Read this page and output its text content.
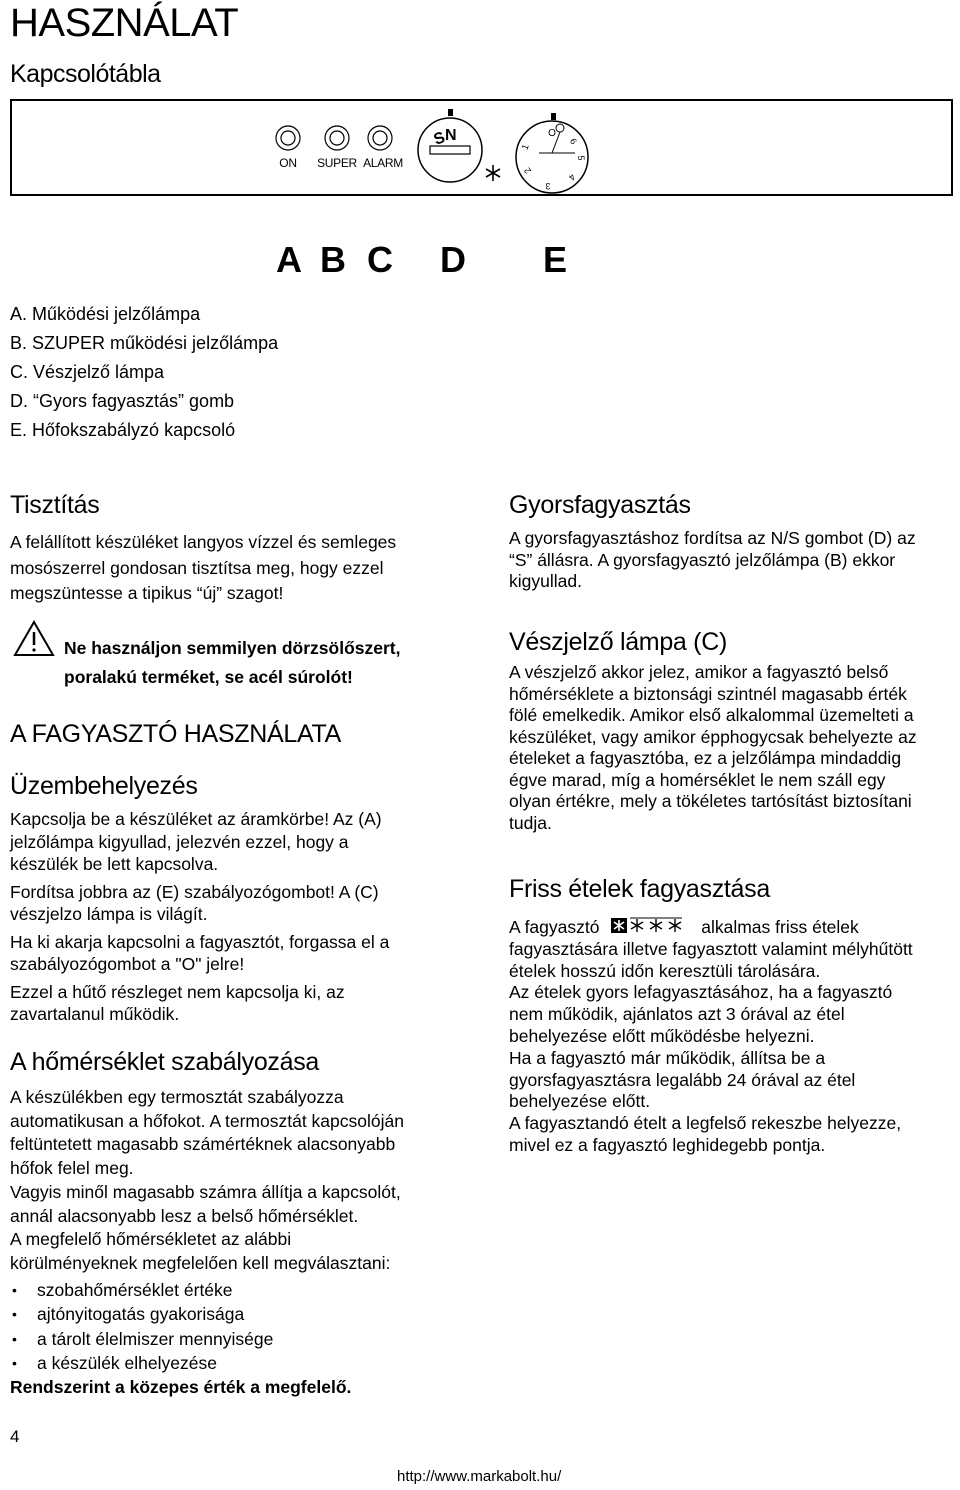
HASZNÁLAT
Kapcsolótábla
ON SUPER ALARM
S
N	O
6
5
4
3
2
1
A B C D E
A. Működési jelzőlámpa
B. SZUPER működési jelzőlámpa
C. Vészjelző lámpa
D. “Gyors fagyasztás” gomb
E. Hőfokszabályzó kapcsoló
Tisztítás
A felállított készüléket langyos vízzel és semleges
mosószerrel gondosan tisztítsa meg, hogy ezzel
megszüntesse a tipikus “új” szagot!
Ne használjon semmilyen dörzsölőszert,
poralakú terméket, se acél súrolót!
A FAGYASZTÓ HASZNÁLATA
Üzembehelyezés
Kapcsolja be a készüléket az áramkörbe! Az (A)
jelzőlámpa kigyullad, jelezvén ezzel, hogy a
készülék be lett kapcsolva.
Fordítsa jobbra az (E) szabályozógombot! A (C)
vészjelzo lámpa is világít.
Ha ki akarja kapcsolni a fagyasztót, forgassa el a
szabályozógombot a "O" jelre!
Ezzel a hűtő részleget nem kapcsolja ki, az
zavartalanul működik.
A hőmérséklet szabályozása
A készülékben egy termosztát szabályozza
automatikusan a hőfokot. A termosztát kapcsolóján
feltüntetett magasabb számértéknek alacsonyabb
hőfok felel meg.
Vagyis minől magasabb számra állítja a kapcsolót,
annál alacsonyabb lesz a belső hőmérséklet.
A megfelelő hőmérsékletet az alábbi
körülményeknek megfelelően kell megválasztani:
• szobahőmérséklet értéke
• ajtónyitogatás gyakorisága
• a tárolt élelmiszer mennyisége
• a készülék elhelyezése
Rendszerint a közepes érték a megfelelő.
Gyorsfagyasztás
A gyorsfagyasztáshoz fordítsa az N/S gombot (D) az
“S” állásra. A gyorsfagyasztó jelzőlámpa (B) ekkor
kigyullad.
Vészjelző lámpa (C)
A vészjelző akkor jelez, amikor a fagyasztó belső
hőmérséklete a biztonsági szintnél magasabb érték
fölé emelkedik. Amikor első alkalommal üzemelteti a
készüléket, vagy amikor épphogycsak behelyezte az
ételeket a fagyasztóba, ez a jelzőlámpa mindaddig
égve marad, míg a homérséklet le nem száll egy
olyan értékre, mely a tökéletes tartósítást biztosítani
tudja.
Friss ételek fagyasztása
A fagyasztó	alkalmas friss ételek
fagyasztására illetve fagyasztott valamint mélyhűtött
ételek hosszú időn keresztüli tárolására.
Az ételek gyors lefagyasztásához, ha a fagyasztó
nem működik, ajánlatos azt 3 órával az étel
behelyezése előtt működésbe helyezni.
Ha a fagyasztó már működik, állítsa be a
gyorsfagyasztásra legalább 24 órával az étel
behelyezése előtt.
A fagyasztandó ételt a legfelső rekeszbe helyezze,
mivel ez a fagyasztó leghidegebb pontja.
4
http://www.markabolt.hu/
